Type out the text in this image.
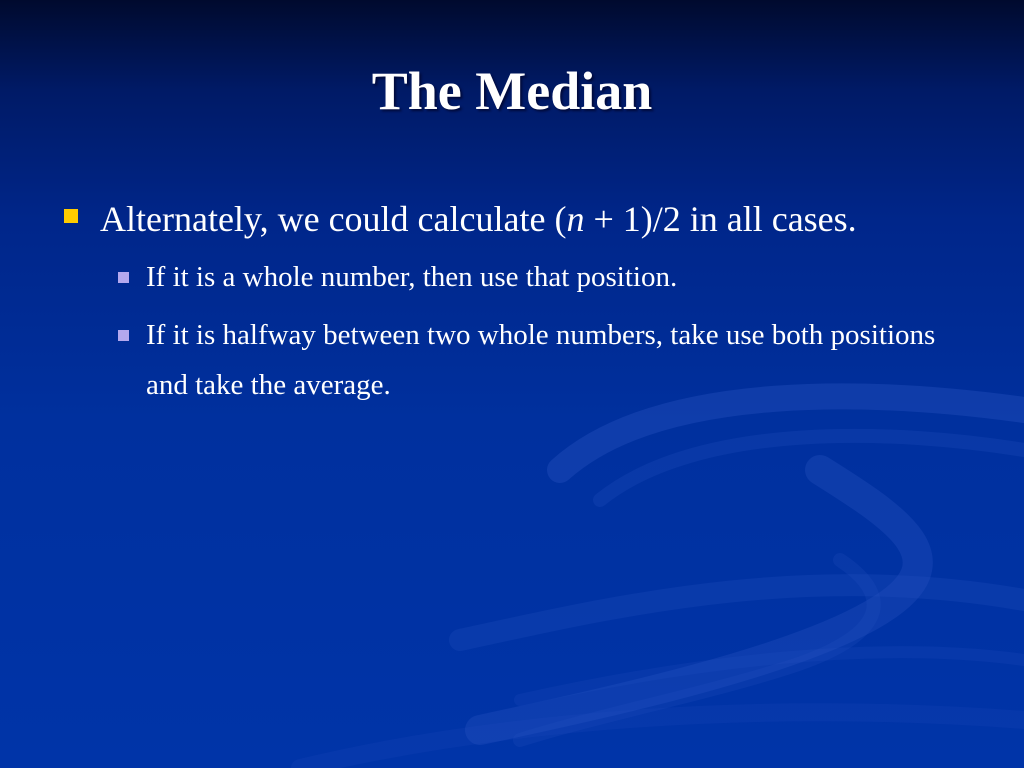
The Median
Alternately, we could calculate (n + 1)/2 in all cases.
If it is a whole number, then use that position.
If it is halfway between two whole numbers, take use both positions and take the average.
